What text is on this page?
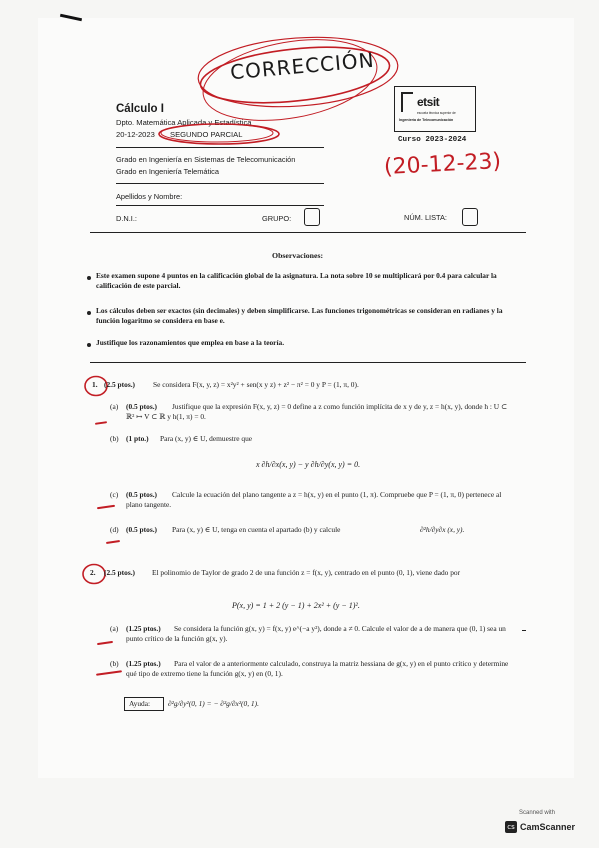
CORRECCIÓN
Cálculo I
Dpto. Matemática Aplicada y Estadística
20-12-2023 SEGUNDO PARCIAL
etsit
escuela técnica superior de
Ingeniería de Telecomunicación
Curso 2023-2024
(20-12-23)
Grado en Ingeniería en Sistemas de Telecomunicación
Grado en Ingeniería Telemática
Apellidos y Nombre:
D.N.I.:	GRUPO:	NÚM. LISTA:
Observaciones:
Este examen supone 4 puntos en la calificación global de la asignatura. La nota sobre 10 se multiplicará por 0.4 para calcular la calificación de este parcial.
Los cálculos deben ser exactos (sin decimales) y deben simplificarse. Las funciones trigonométricas se consideran en radianes y la función logaritmo se considera en base e.
Justifique los razonamientos que emplea en base a la teoría.
1. (2.5 ptos.) Se considera F(x, y, z) = x²y² + sen(x y z) + z² − π² = 0 y P = (1, π, 0).
(a) (0.5 ptos.)	Justifique que la expresión F(x, y, z) = 0 define a z como función implícita de x y de y, z = h(x, y), donde h : U ⊂ ℝ² ↦ V ⊂ ℝ y h(1, π) = 0.
(b) (1 pto.) Para (x, y) ∈ U, demuestre que
x ∂h/∂x(x, y) − y ∂h/∂y(x, y) = 0.
(c) (0.5 ptos.)	Calcule la ecuación del plano tangente a z = h(x, y) en el punto (1, π). Compruebe que P = (1, π, 0) pertenece al plano tangente.
(d) (0.5 ptos.) Para (x, y) ∈ U, tenga en cuenta el apartado (b) y calcule	∂²h/∂y∂x (x, y).
2. (2.5 ptos.)	El polinomio de Taylor de grado 2 de una función z = f(x, y), centrado en el punto (0, 1), viene dado por
P(x, y) = 1 + 2 (y − 1) + 2x² + (y − 1)².
(a) (1.25 ptos.)	Se considera la función g(x, y) = f(x, y) e^(−a y²), donde a ≠ 0. Calcule el valor de a de manera que (0, 1) sea un punto crítico de la función g(x, y).
(b) (1.25 ptos.)	Para el valor de a anteriormente calculado, construya la matriz hessiana de g(x, y) en el punto crítico y determine qué tipo de extremo tiene la función g(x, y) en (0, 1).
Ayuda: ∂²g/∂y²(0, 1) = − ∂²g/∂x²(0, 1).
Scanned with
cs CamScanner
